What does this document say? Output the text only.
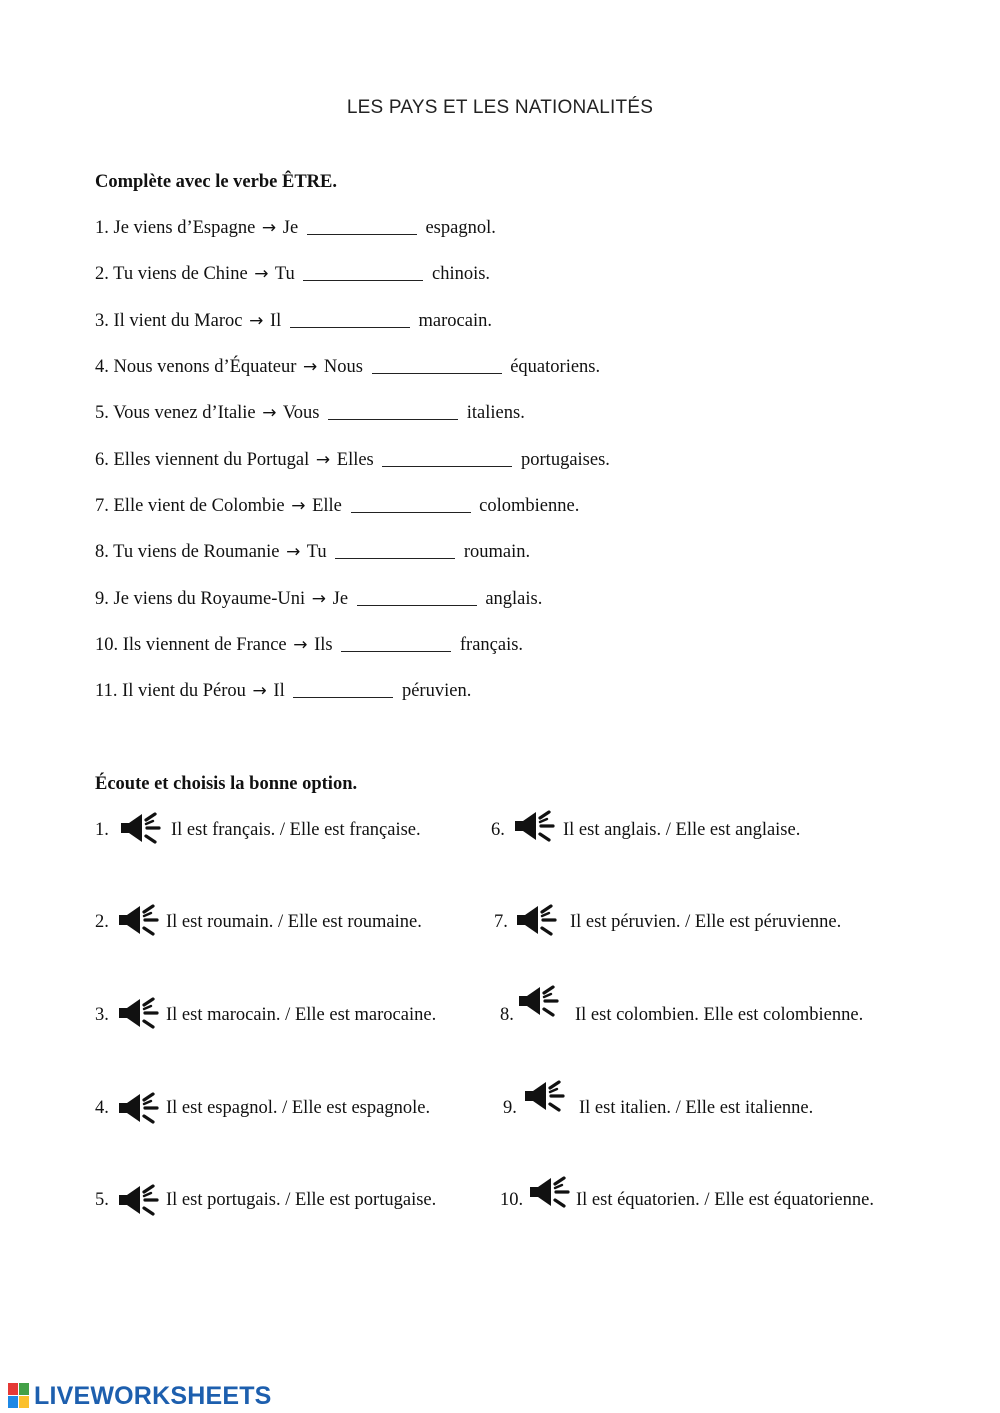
LES PAYS ET LES NATIONALITÉS
Complète avec le verbe ÊTRE.
1. Je viens d’Espagne → Je	espagnol.
2. Tu viens de Chine → Tu	chinois.
3. Il vient du Maroc → Il	marocain.
4. Nous venons d’Équateur → Nous	équatoriens.
5. Vous venez d’Italie → Vous	italiens.
6. Elles viennent du Portugal → Elles	portugaises.
7. Elle vient de Colombie → Elle	colombienne.
8. Tu viens de Roumanie → Tu	roumain.
9. Je viens du Royaume-Uni → Je	anglais.
10. Ils viennent de France → Ils	français.
11. Il vient du Pérou → Il	péruvien.
Écoute et choisis la bonne option.
1.	Il est français. / Elle est française.
2.	Il est roumain. / Elle est roumaine.
3.	Il est marocain. / Elle est marocaine.
4.	Il est espagnol. / Elle est espagnole.
5.	Il est portugais. / Elle est portugaise.
6.	Il est anglais. / Elle est anglaise.
7.	Il est péruvien. / Elle est péruvienne.
8.	Il est colombien. Elle est colombienne.
9.	Il est italien. / Elle est italienne.
10.	Il est équatorien. / Elle est équatorienne.
LIVEWORKSHEETS
